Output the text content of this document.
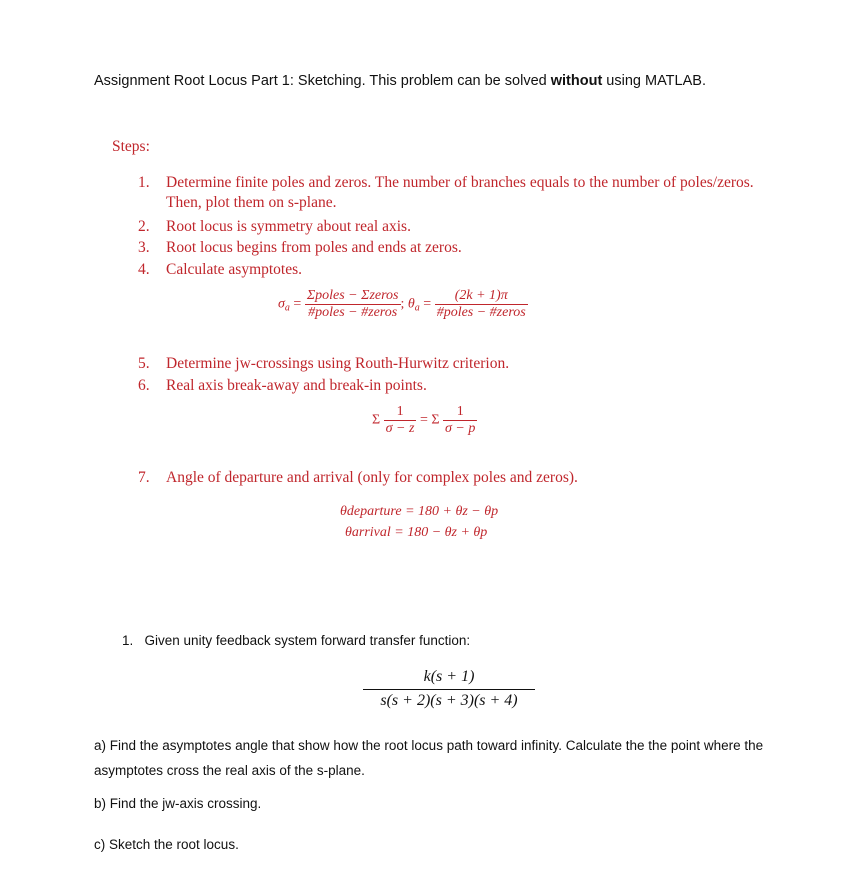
Assignment Root Locus Part 1: Sketching. This problem can be solved without using MATLAB.
Steps:
1. Determine finite poles and zeros. The number of branches equals to the number of poles/zeros. Then, plot them on s-plane.
2. Root locus is symmetry about real axis.
3. Root locus begins from poles and ends at zeros.
4. Calculate asymptotes.
$\sigma_a = \frac{\text{Σpoles − Σzeros}}{\text{\#poles − \#zeros}}$ ; $\theta_a = \frac{(2k + 1)\pi}{\text{\#poles − \#zeros}}$
5. Determine jw-crossings using Routh-Hurwitz criterion.
6. Real axis break-away and break-in points.
Σ $\frac{1}{\sigma - z} = \Sigma \frac{1}{\sigma - p}$
7. Angle of departure and arrival (only for complex poles and zeros).
θdeparture = 180 + θz − θp
θarrival = 180 − θz + θp
1. Given unity feedback system forward transfer function:
k(s + 1)
s(s + 2)(s + 3)(s + 4)
a) Find the asymptotes angle that show how the root locus path toward infinity. Calculate the the point where the asymptotes cross the real axis of the s-plane.
b) Find the jw-axis crossing.
c) Sketch the root locus.
